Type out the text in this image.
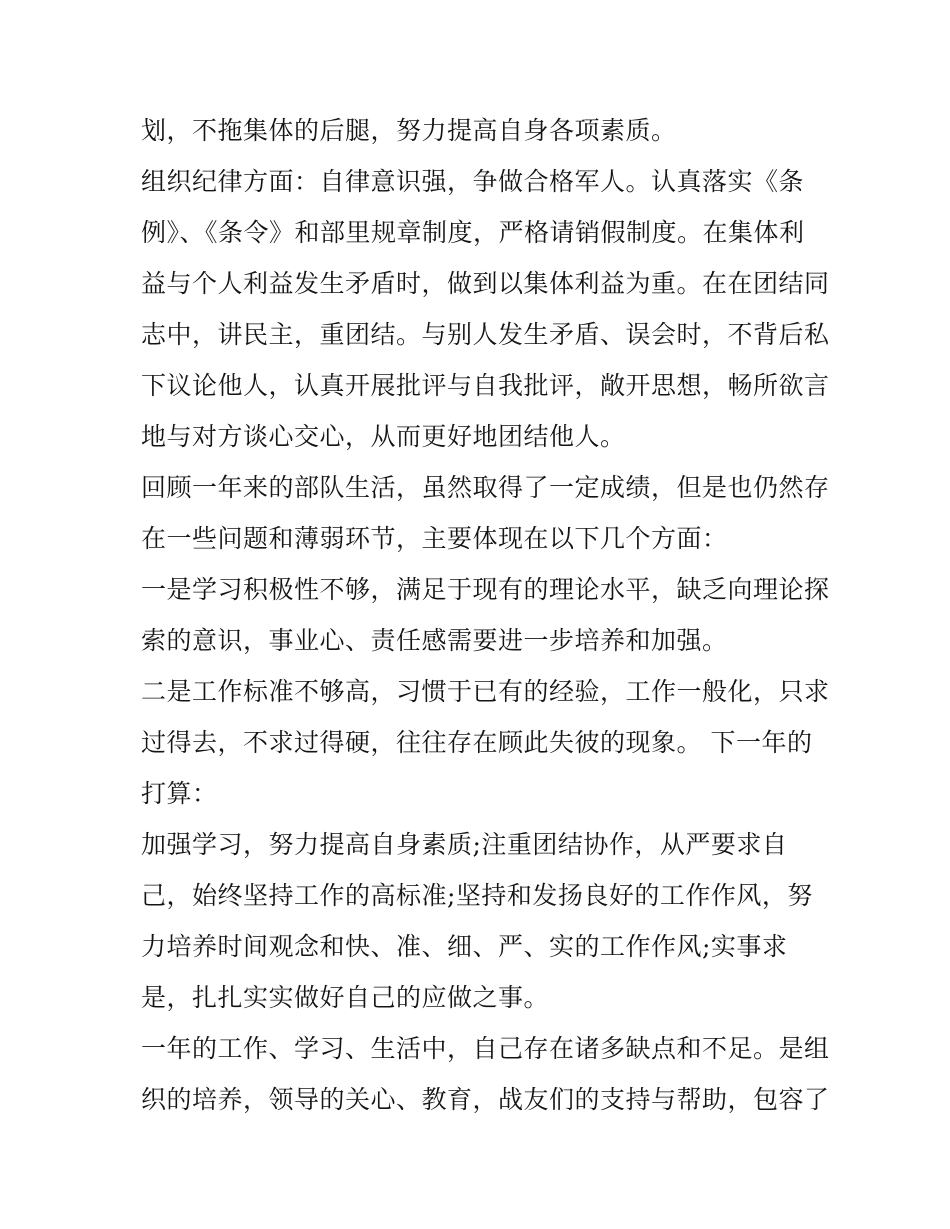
划，不拖集体的后腿，努力提高自身各项素质。
组织纪律方面：自律意识强，争做合格军人。认真落实《条
例》、《条令》和部里规章制度，严格请销假制度。在集体利
益与个人利益发生矛盾时，做到以集体利益为重。在在团结同
志中，讲民主，重团结。与别人发生矛盾、误会时，不背后私
下议论他人，认真开展批评与自我批评，敞开思想，畅所欲言
地与对方谈心交心，从而更好地团结他人。
回顾一年来的部队生活，虽然取得了一定成绩，但是也仍然存
在一些问题和薄弱环节，主要体现在以下几个方面：
一是学习积极性不够，满足于现有的理论水平，缺乏向理论探
索的意识，事业心、责任感需要进一步培养和加强。
二是工作标准不够高，习惯于已有的经验，工作一般化，只求
过得去，不求过得硬，往往存在顾此失彼的现象。 下一年的
打算：
加强学习，努力提高自身素质;注重团结协作，从严要求自
己，始终坚持工作的高标准;坚持和发扬良好的工作作风，努
力培养时间观念和快、准、细、严、实的工作作风;实事求
是，扎扎实实做好自己的应做之事。
一年的工作、学习、生活中，自己存在诸多缺点和不足。是组
织的培养，领导的关心、教育，战友们的支持与帮助，包容了
